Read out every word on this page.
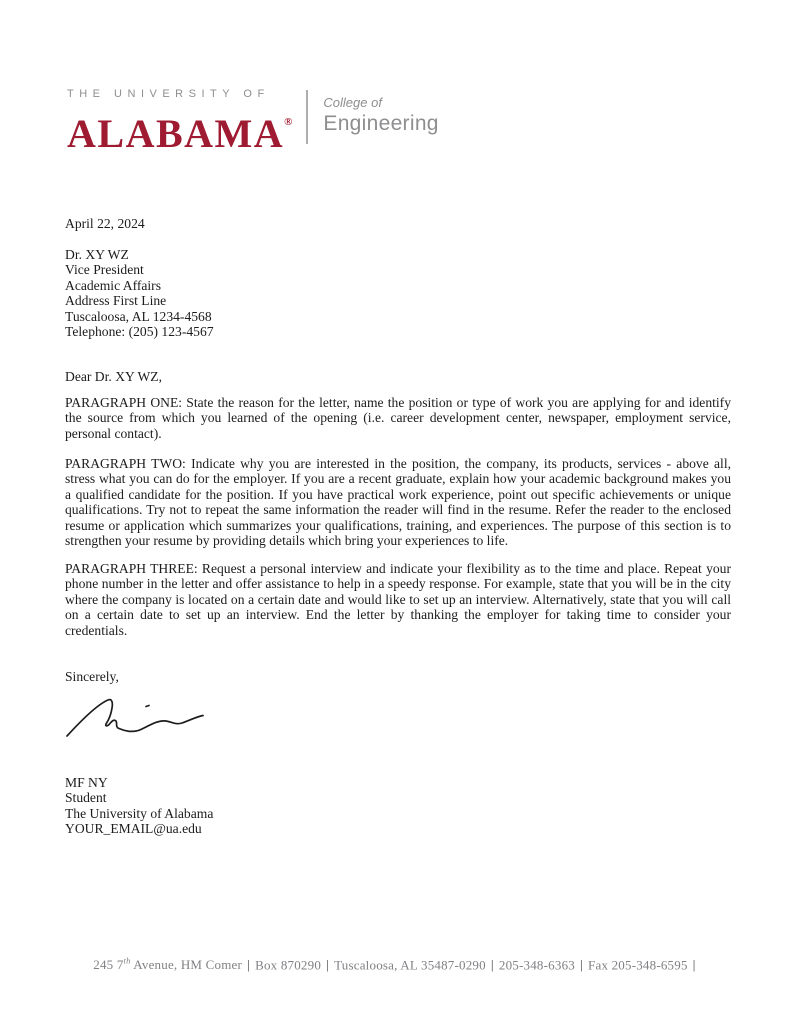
THE UNIVERSITY OF
ALABAMA®
College of
Engineering
April 22, 2024
Dr. XY WZ
Vice President
Academic Affairs
Address First Line
Tuscaloosa, AL 1234-4568
Telephone: (205) 123-4567
Dear Dr. XY WZ,
PARAGRAPH ONE: State the reason for the letter, name the position or type of work you are applying for and identify the source from which you learned of the opening (i.e. career development center, newspaper, employment service, personal contact).
PARAGRAPH TWO: Indicate why you are interested in the position, the company, its products, services - above all, stress what you can do for the employer. If you are a recent graduate, explain how your academic background makes you a qualified candidate for the position. If you have practical work experience, point out specific achievements or unique qualifications. Try not to repeat the same information the reader will find in the resume. Refer the reader to the enclosed resume or application which summarizes your qualifications, training, and experiences. The purpose of this section is to strengthen your resume by providing details which bring your experiences to life.
PARAGRAPH THREE: Request a personal interview and indicate your flexibility as to the time and place. Repeat your phone number in the letter and offer assistance to help in a speedy response. For example, state that you will be in the city where the company is located on a certain date and would like to set up an interview. Alternatively, state that you will call on a certain date to set up an interview. End the letter by thanking the employer for taking time to consider your credentials.
Sincerely,
MF NY
Student
The University of Alabama
YOUR_EMAIL@ua.edu
245 7th Avenue, HM Comer | Box 870290 | Tuscaloosa, AL 35487-0290 | 205-348-6363 | Fax 205-348-6595 |
